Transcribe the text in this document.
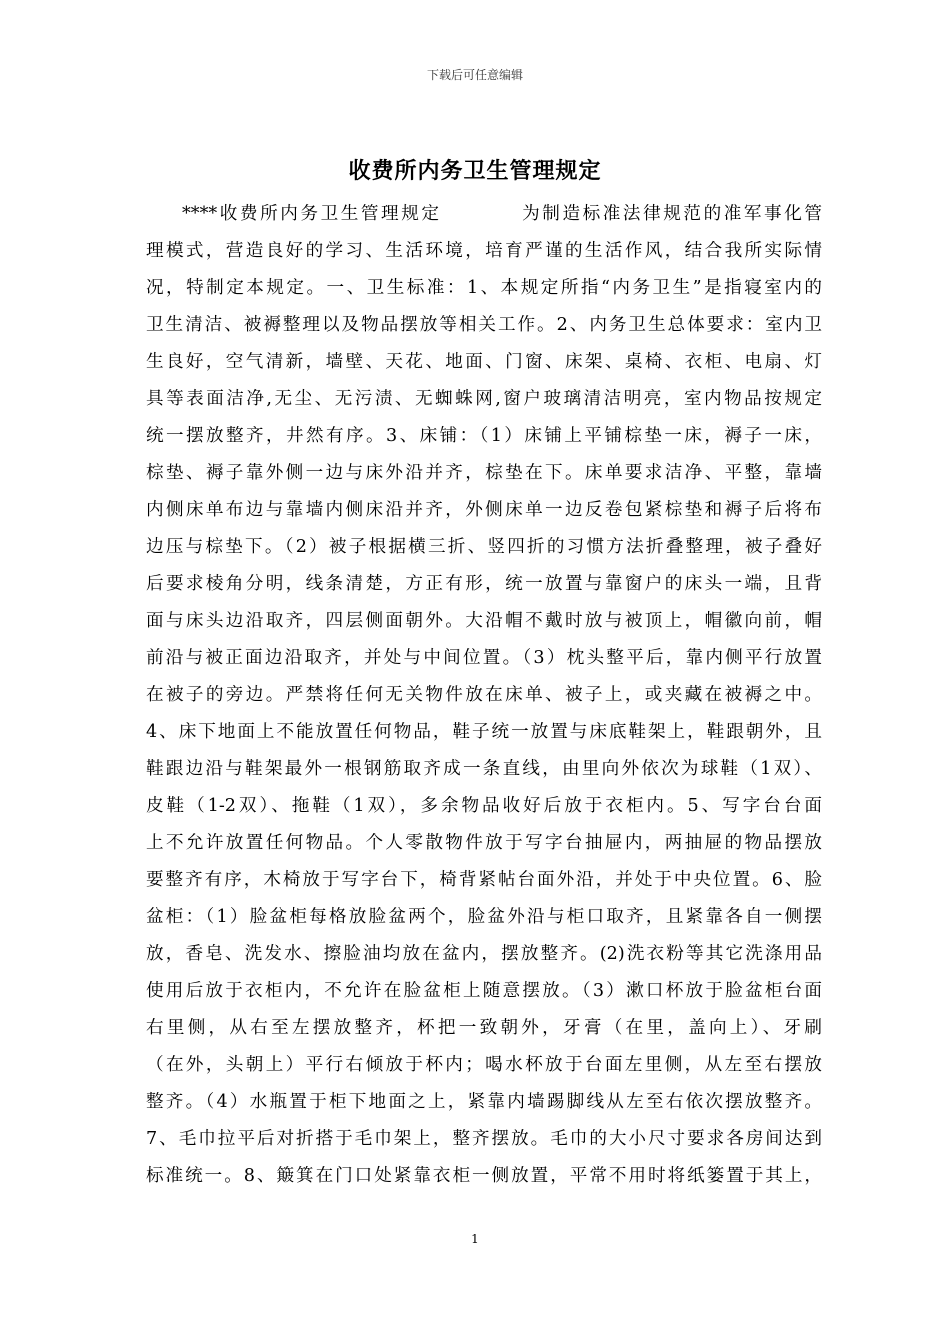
下载后可任意编辑
收费所内务卫生管理规定
****收费所内务卫生管理规定	为制造标准法律规范的准军事化管
理模式，营造良好的学习、生活环境，培育严谨的生活作风，结合我所实际情
况，特制定本规定。一、卫生标准：1、本规定所指“内务卫生”是指寝室内的
卫生清洁、被褥整理以及物品摆放等相关工作。2、内务卫生总体要求：室内卫
生良好，空气清新，墙壁、天花、地面、门窗、床架、桌椅、衣柜、电扇、灯
具等表面洁净,无尘、无污渍、无蜘蛛网,窗户玻璃清洁明亮，室内物品按规定
统一摆放整齐，井然有序。3、床铺：（1）床铺上平铺棕垫一床，褥子一床，
棕垫、褥子靠外侧一边与床外沿并齐，棕垫在下。床单要求洁净、平整，靠墙
内侧床单布边与靠墙内侧床沿并齐，外侧床单一边反卷包紧棕垫和褥子后将布
边压与棕垫下。（2）被子根据横三折、竖四折的习惯方法折叠整理，被子叠好
后要求棱角分明，线条清楚，方正有形，统一放置与靠窗户的床头一端，且背
面与床头边沿取齐，四层侧面朝外。大沿帽不戴时放与被顶上，帽徽向前，帽
前沿与被正面边沿取齐，并处与中间位置。（3）枕头整平后，靠内侧平行放置
在被子的旁边。严禁将任何无关物件放在床单、被子上，或夹藏在被褥之中。
4、床下地面上不能放置任何物品，鞋子统一放置与床底鞋架上，鞋跟朝外，且
鞋跟边沿与鞋架最外一根钢筋取齐成一条直线，由里向外依次为球鞋（1双）、
皮鞋（1-2双）、拖鞋（1双），多余物品收好后放于衣柜内。5、写字台台面
上不允许放置任何物品。个人零散物件放于写字台抽屉内，两抽屉的物品摆放
要整齐有序，木椅放于写字台下，椅背紧帖台面外沿，并处于中央位置。6、脸
盆柜：（1）脸盆柜每格放脸盆两个，脸盆外沿与柜口取齐，且紧靠各自一侧摆
放，香皂、洗发水、擦脸油均放在盆内，摆放整齐。(2)洗衣粉等其它洗涤用品
使用后放于衣柜内，不允许在脸盆柜上随意摆放。（3）漱口杯放于脸盆柜台面
右里侧，从右至左摆放整齐，杯把一致朝外，牙膏（在里，盖向上）、牙刷
（在外，头朝上）平行右倾放于杯内；喝水杯放于台面左里侧，从左至右摆放
整齐。（4）水瓶置于柜下地面之上，紧靠内墙踢脚线从左至右依次摆放整齐。
7、毛巾拉平后对折搭于毛巾架上，整齐摆放。毛巾的大小尺寸要求各房间达到
标准统一。8、簸箕在门口处紧靠衣柜一侧放置，平常不用时将纸篓置于其上，
1
